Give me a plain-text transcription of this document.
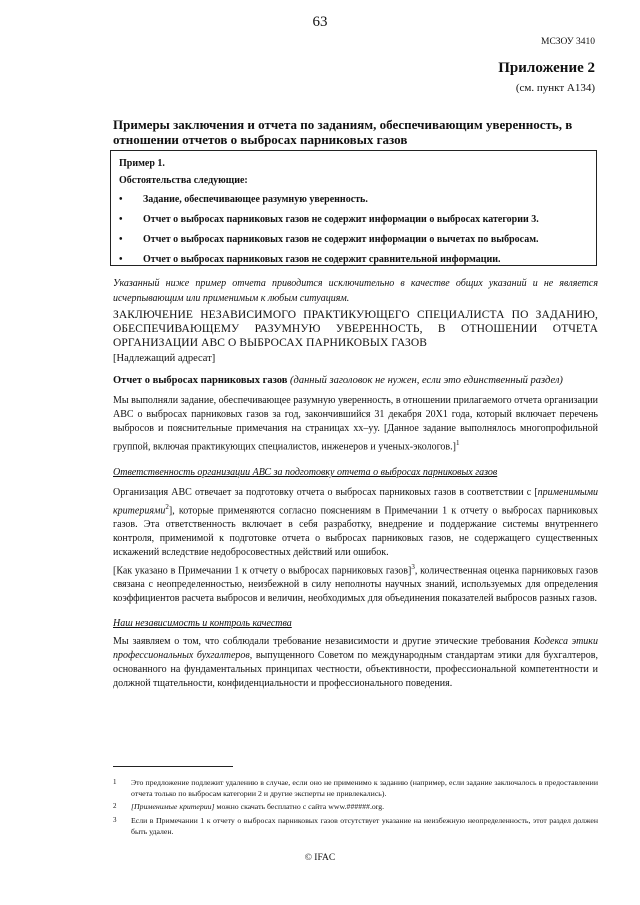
63
МСЗОУ 3410
Приложение 2
(см. пункт А134)
Примеры заключения и отчета по заданиям, обеспечивающим уверенность, в отношении отчетов о выбросах парниковых газов
Пример 1.
Обстоятельства следующие:
•	Задание, обеспечивающее разумную уверенность.
•	Отчет о выбросах парниковых газов не содержит информации о выбросах категории 3.
•	Отчет о выбросах парниковых газов не содержит информации о вычетах по выбросам.
•	Отчет о выбросах парниковых газов не содержит сравнительной информации.
Указанный ниже пример отчета приводится исключительно в качестве общих указаний и не является исчерпывающим или применимым к любым ситуациям.
ЗАКЛЮЧЕНИЕ НЕЗАВИСИМОГО ПРАКТИКУЮЩЕГО СПЕЦИАЛИСТА ПО ЗАДАНИЮ, ОБЕСПЕЧИВАЮЩЕМУ РАЗУМНУЮ УВЕРЕННОСТЬ, В ОТНОШЕНИИ ОТЧЕТА ОРГАНИЗАЦИИ АВС О ВЫБРОСАХ ПАРНИКОВЫХ ГАЗОВ
[Надлежащий адресат]
Отчет о выбросах парниковых газов (данный заголовок не нужен, если это единственный раздел)
Мы выполняли задание, обеспечивающее разумную уверенность, в отношении прилагаемого отчета организации АВС о выбросах парниковых газов за год, закончившийся 31 декабря 20Х1 года, который включает перечень выбросов и пояснительные примечания на страницах хх–уу. [Данное задание выполнялось многопрофильной группой, включая практикующих специалистов, инженеров и ученых-экологов.]$^1$
Ответственность организации АВС за подготовку отчета о выбросах парниковых газов
Организация АВС отвечает за подготовку отчета о выбросах парниковых газов в соответствии с [применимыми критериями$^2$], которые применяются согласно пояснениям в Примечании 1 к отчету о выбросах парниковых газов. Эта ответственность включает в себя разработку, внедрение и поддержание системы внутреннего контроля, применимой к подготовке отчета о выбросах парниковых газов, не содержащего существенных искажений вследствие недобросовестных действий или ошибок.
[Как указано в Примечании 1 к отчету о выбросах парниковых газов]$^3$, количественная оценка парниковых газов связана с неопределенностью, неизбежной в силу неполноты научных знаний, используемых для определения коэффициентов расчета выбросов и величин, необходимых для объединения показателей выбросов разных газов.
Наш независимость и контроль качества
Мы заявляем о том, что соблюдали требование независимости и другие этические требования Кодекса этики профессиональных бухгалтеров, выпущенного Советом по международным стандартам этики для бухгалтеров, основанного на фундаментальных принципах честности, объективности, профессиональной компетентности и должной тщательности, конфиденциальности и профессионального поведения.
1	Это предложение подлежит удалению в случае, если оно не применимо к заданию (например, если задание заключалось в предоставлении отчета только по выбросам категории 2 и другие эксперты не привлекались).
2	[Применимые критерии] можно скачать бесплатно с сайта www.######.org.
3	Если в Примечании 1 к отчету о выбросах парниковых газов отсутствует указание на неизбежную неопределенность, этот раздел должен быть удален.
© IFAC
